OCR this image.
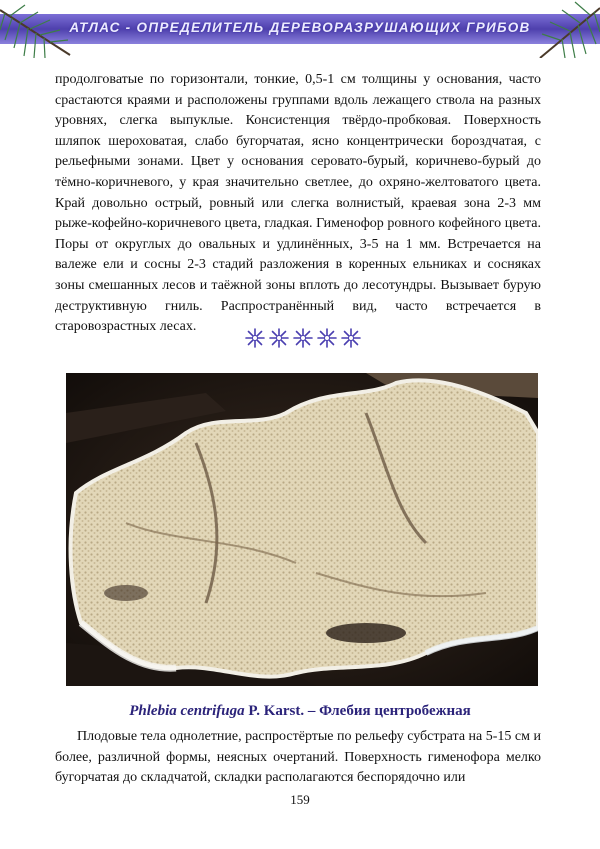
АТЛАС - ОПРЕДЕЛИТЕЛЬ ДЕРЕВОРАЗРУШАЮЩИХ ГРИБОВ
продолговатые по горизонтали, тонкие, 0,5-1 см толщины у основания, часто срастаются краями и расположены группами вдоль лежащего ствола на разных уровнях, слегка выпуклые. Консистенция твёрдо-пробковая. Поверхность шляпок шероховатая, слабо бугорчатая, ясно концентрически бороздчатая, с рельефными зонами. Цвет у основания серовато-бурый, коричнево-бурый до тёмно-коричневого, у края значительно светлее, до охряно-желтоватого цвета. Край довольно острый, ровный или слегка волнистый, краевая зона 2-3 мм рыже-кофейно-коричневого цвета, гладкая. Гименофор ровного кофейного цвета. Поры от округлых до овальных и удлинённых, 3-5 на 1 мм. Встречается на валеже ели и сосны 2-3 стадий разложения в коренных ельниках и сосняках зоны смешанных лесов и таёжной зоны вплоть до лесотундры. Вызывает бурую деструктивную гниль. Распространённый вид, часто встречается в старовозрастных лесах.
Phlebia centrifuga P. Karst. – Флебия центробежная
Плодовые тела однолетние, распростёртые по рельефу субстрата на 5-15 см и более, различной формы, неясных очертаний. Поверхность гименофора мелко бугорчатая до складчатой, складки располагаются беспорядочно или
159
